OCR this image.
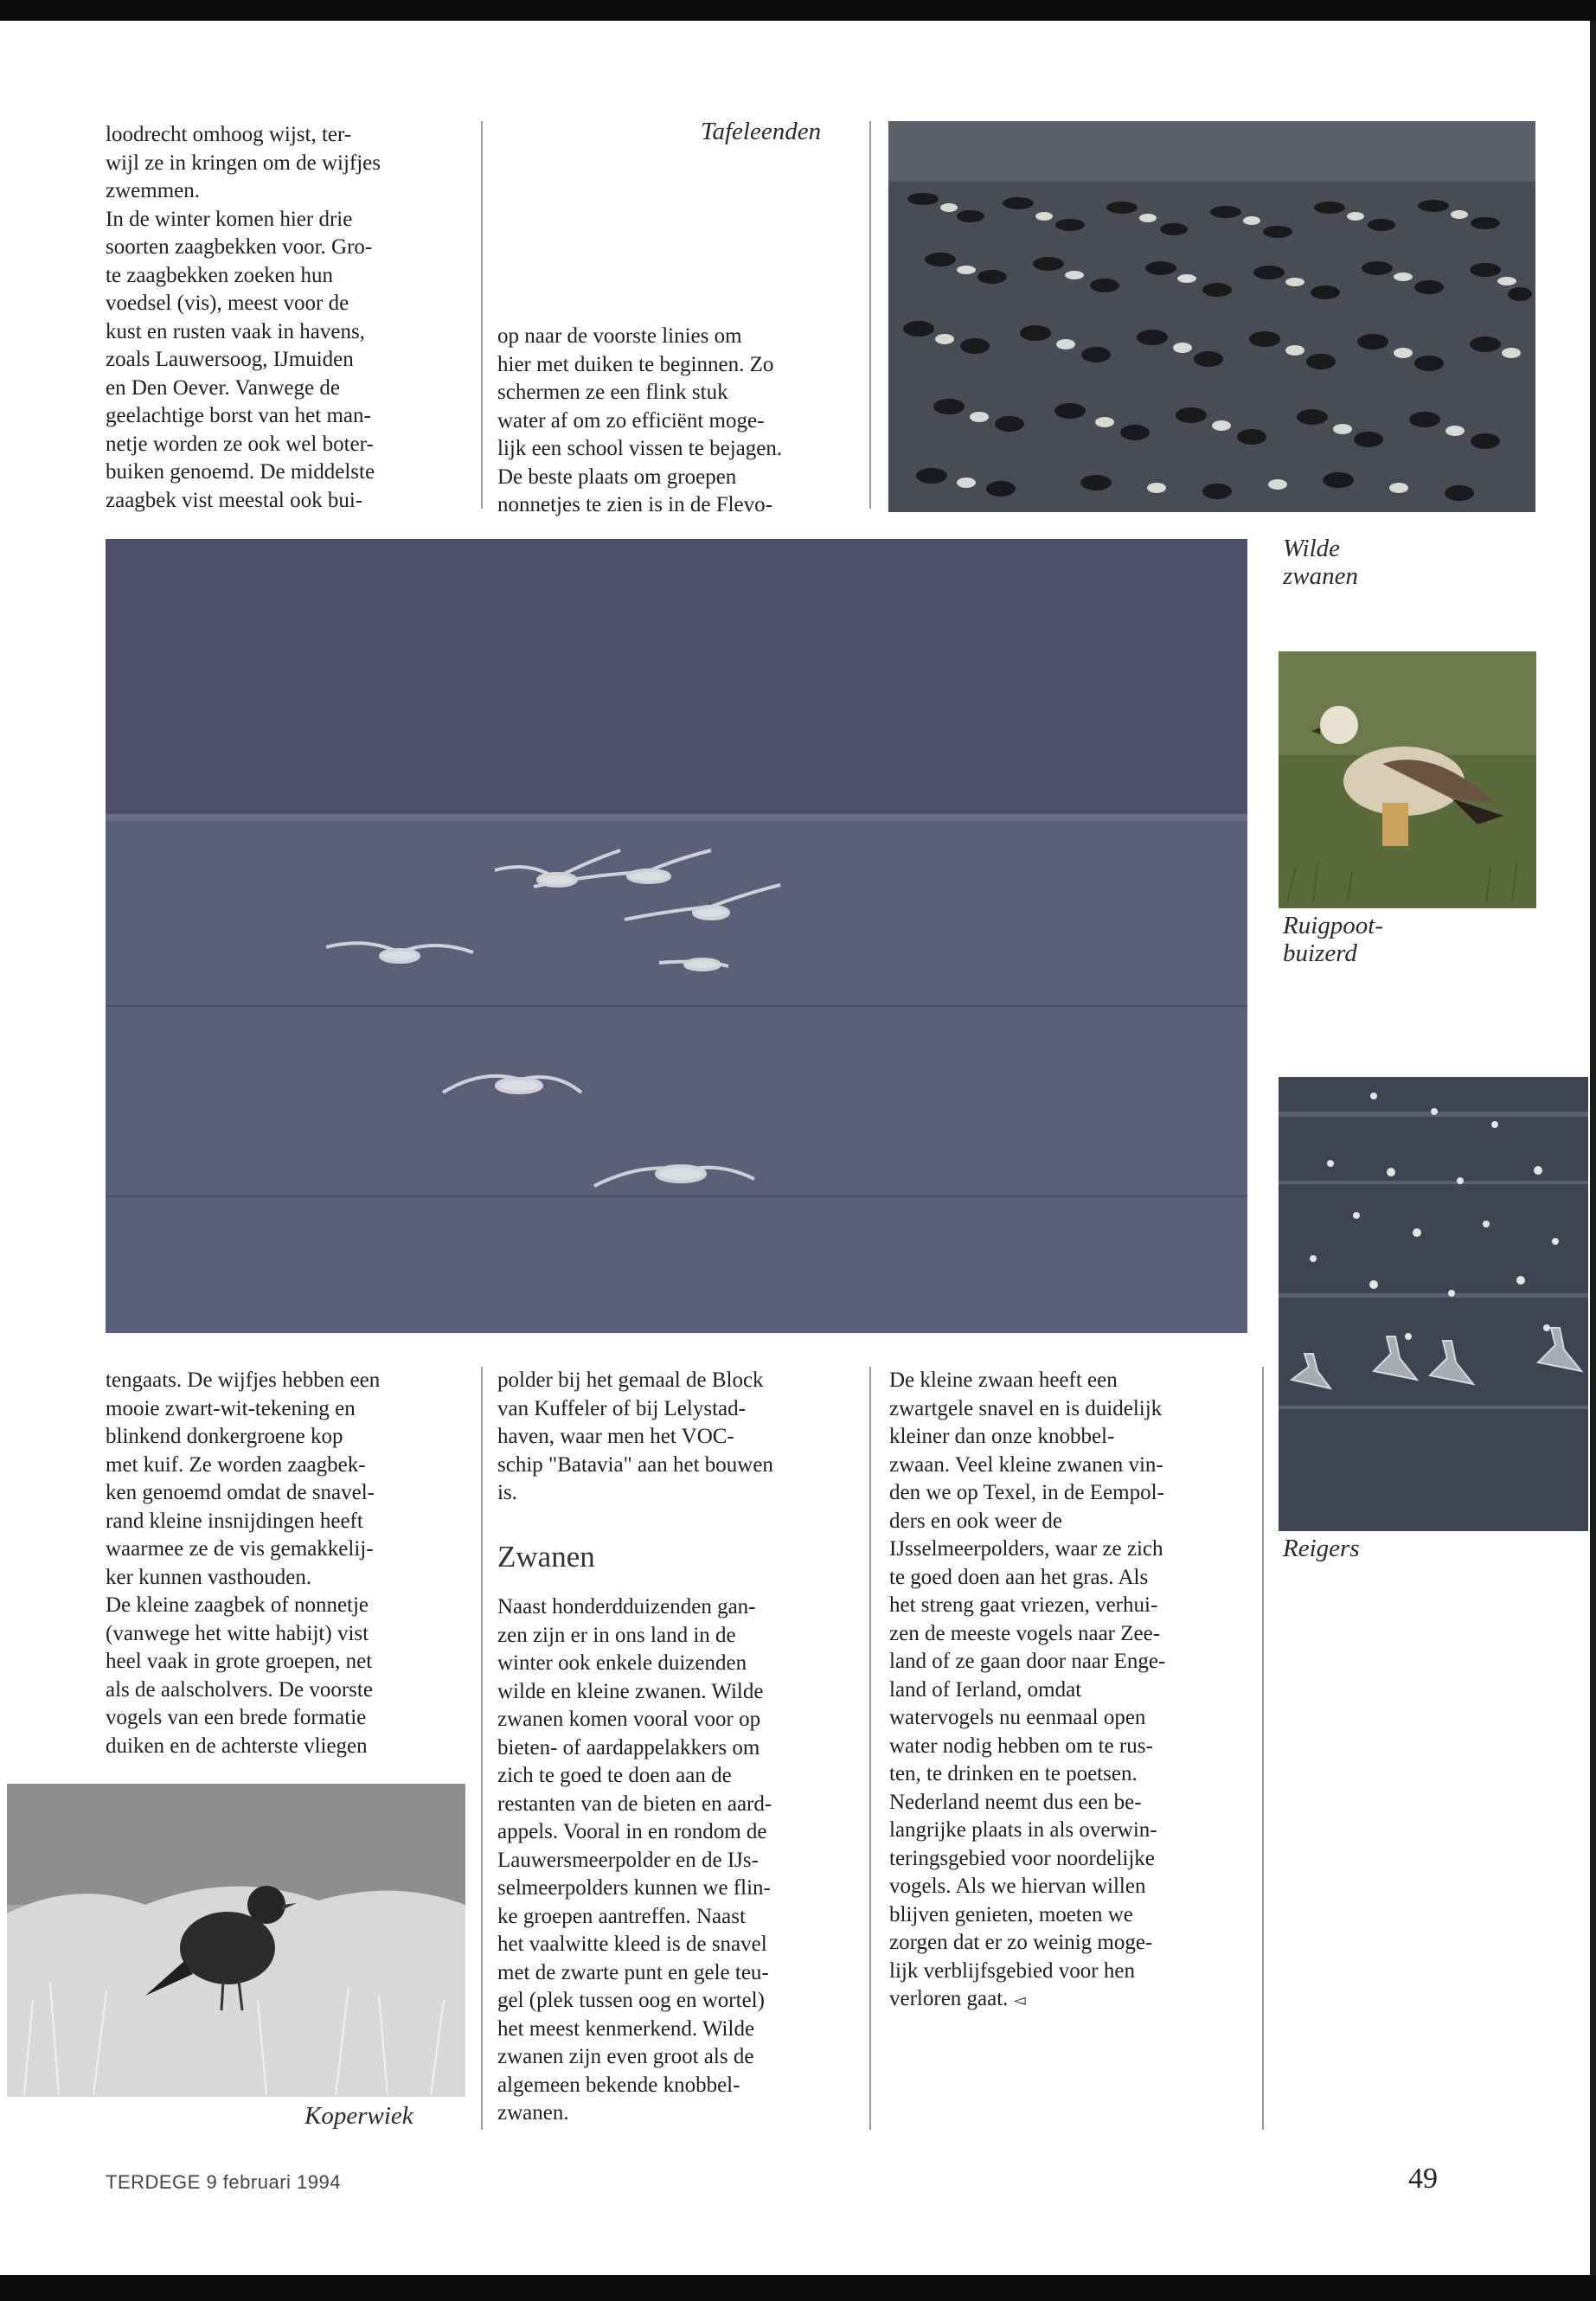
loodrecht omhoog wijst, ter-
wijl ze in kringen om de wijfjes
zwemmen.
In de winter komen hier drie
soorten zaagbekken voor. Gro-
te zaagbekken zoeken hun
voedsel (vis), meest voor de
kust en rusten vaak in havens,
zoals Lauwersoog, IJmuiden
en Den Oever. Vanwege de
geelachtige borst van het man-
netje worden ze ook wel boter-
buiken genoemd. De middelste
zaagbek vist meestal ook bui-
Tafeleenden
op naar de voorste linies om
hier met duiken te beginnen. Zo
schermen ze een flink stuk
water af om zo efficiënt moge-
lijk een school vissen te bejagen.
De beste plaats om groepen
nonnetjes te zien is in de Flevo-
Wilde
zwanen
Ruigpoot-
buizerd
Reigers
tengaats. De wijfjes hebben een
mooie zwart-wit-tekening en
blinkend donkergroene kop
met kuif. Ze worden zaagbek-
ken genoemd omdat de snavel-
rand kleine insnijdingen heeft
waarmee ze de vis gemakkelij-
ker kunnen vasthouden.
De kleine zaagbek of nonnetje
(vanwege het witte habijt) vist
heel vaak in grote groepen, net
als de aalscholvers. De voorste
vogels van een brede formatie
duiken en de achterste vliegen
Koperwiek
polder bij het gemaal de Block
van Kuffeler of bij Lelystad-
haven, waar men het VOC-
schip "Batavia" aan het bouwen
is.
Zwanen
Naast honderdduizenden gan-
zen zijn er in ons land in de
winter ook enkele duizenden
wilde en kleine zwanen. Wilde
zwanen komen vooral voor op
bieten- of aardappelakkers om
zich te goed te doen aan de
restanten van de bieten en aard-
appels. Vooral in en rondom de
Lauwersmeerpolder en de IJs-
selmeerpolders kunnen we flin-
ke groepen aantreffen. Naast
het vaalwitte kleed is de snavel
met de zwarte punt en gele teu-
gel (plek tussen oog en wortel)
het meest kenmerkend. Wilde
zwanen zijn even groot als de
algemeen bekende knobbel-
zwanen.
De kleine zwaan heeft een
zwartgele snavel en is duidelijk
kleiner dan onze knobbel-
zwaan. Veel kleine zwanen vin-
den we op Texel, in de Eempol-
ders en ook weer de
IJsselmeerpolders, waar ze zich
te goed doen aan het gras. Als
het streng gaat vriezen, verhui-
zen de meeste vogels naar Zee-
land of ze gaan door naar Enge-
land of Ierland, omdat
watervogels nu eenmaal open
water nodig hebben om te rus-
ten, te drinken en te poetsen.
Nederland neemt dus een be-
langrijke plaats in als overwin-
teringsgebied voor noordelijke
vogels. Als we hiervan willen
blijven genieten, moeten we
zorgen dat er zo weinig moge-
lijk verblijfsgebied voor hen
verloren gaat. ◅
TERDEGE 9 februari 1994	49
